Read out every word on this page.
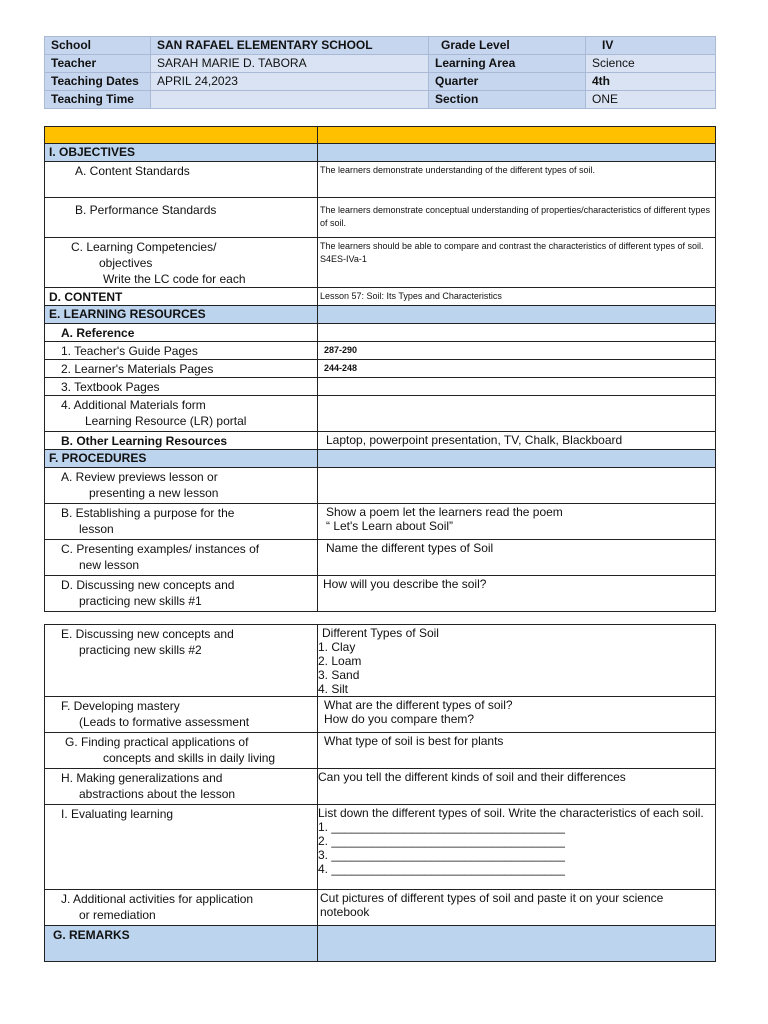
School	SAN RAFAEL ELEMENTARY SCHOOL	Grade Level	IV
Teacher	SARAH MARIE D. TABORA	Learning Area	Science
Teaching Dates	APRIL 24,2023	Quarter	4th
Teaching Time		Section	ONE

I. OBJECTIVES	
A. Content Standards	The learners demonstrate understanding of the different types of soil.
B. Performance Standards	The learners demonstrate conceptual understanding of properties/characteristics of different types of soil.

C. Learning Competencies/
objectives
Write the LC code for each	The learners should be able to compare and contrast the characteristics of different types of soil. S4ES-IVa-1
D. CONTENT	Lesson 57: Soil: Its Types and Characteristics
E. LEARNING RESOURCES	
A. Reference	
1. Teacher's Guide Pages	287-290
2. Learner's Materials Pages	244-248
3. Textbook Pages	

4. Additional Materials form
Learning Resource (LR) portal	

B. Other Learning Resources	Laptop, powerpoint presentation, TV, Chalk, Blackboard
F. PROCEDURES	

A. Review previews lesson or
presenting a new lesson	

B. Establishing a purpose for the
lesson	Show a poem let the learners read the poem
“ Let's Learn about Soil”

C. Presenting examples/ instances of
new lesson	Name the different types of Soil

D. Discussing new concepts and
practicing new skills #1	How will you describe the soil?
E. Discussing new concepts and
practicing new skills #2	Different Types of Soil
1. Clay
2. Loam
3. Sand
4. Silt

F. Developing mastery
(Leads to formative assessment	What are the different types of soil?
How do you compare them?

G. Finding practical applications of
concepts and skills in daily living	What type of soil is best for plants

H. Making generalizations and
abstractions about the lesson	Can you tell the different kinds of soil and their differences
I. Evaluating learning	List down the different types of soil. Write the characteristics of each soil.
1. ___________________________________
2. ___________________________________
3. ___________________________________
4. ___________________________________

J. Additional activities for application
or remediation	Cut pictures of different types of soil and paste it on your science notebook
G. REMARKS	
